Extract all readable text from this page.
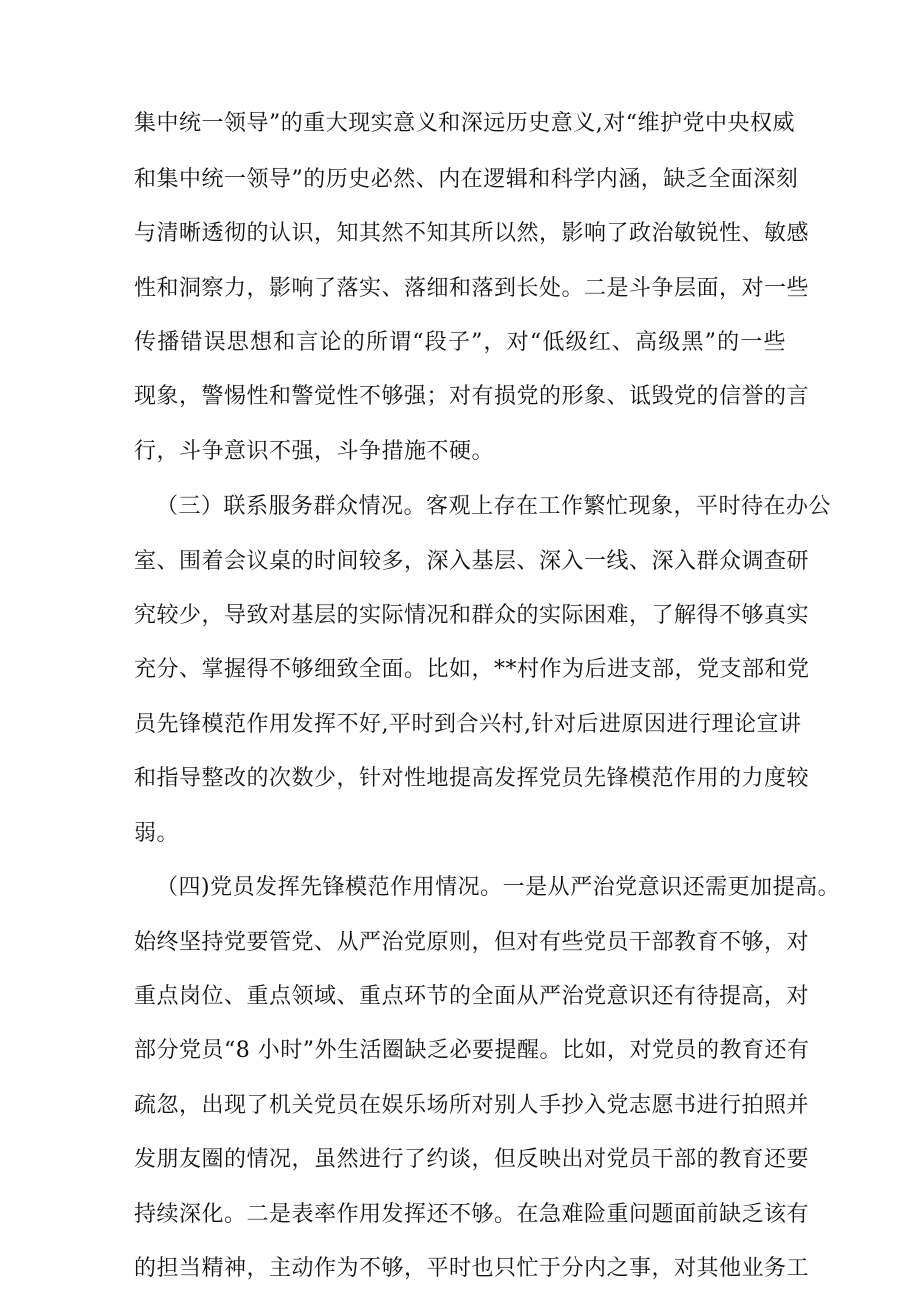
集中统一领导”的重大现实意义和深远历史意义,对“维护党中央权威
和集中统一领导”的历史必然、内在逻辑和科学内涵，缺乏全面深刻
与清晰透彻的认识，知其然不知其所以然，影响了政治敏锐性、敏感
性和洞察力，影响了落实、落细和落到长处。二是斗争层面，对一些
传播错误思想和言论的所谓“段子”，对“低级红、高级黑”的一些
现象，警惕性和警觉性不够强；对有损党的形象、诋毁党的信誉的言
行，斗争意识不强，斗争措施不硬。
（三）联系服务群众情况。客观上存在工作繁忙现象，平时待在办公
室、围着会议桌的时间较多，深入基层、深入一线、深入群众调查研
究较少，导致对基层的实际情况和群众的实际困难，了解得不够真实
充分、掌握得不够细致全面。比如，**村作为后进支部，党支部和党
员先锋模范作用发挥不好,平时到合兴村,针对后进原因进行理论宣讲
和指导整改的次数少，针对性地提高发挥党员先锋模范作用的力度较
弱。
（四)党员发挥先锋模范作用情况。一是从严治党意识还需更加提高。
始终坚持党要管党、从严治党原则，但对有些党员干部教育不够，对
重点岗位、重点领域、重点环节的全面从严治党意识还有待提高，对
部分党员“8 小时”外生活圈缺乏必要提醒。比如，对党员的教育还有
疏忽，出现了机关党员在娱乐场所对别人手抄入党志愿书进行拍照并
发朋友圈的情况，虽然进行了约谈，但反映出对党员干部的教育还要
持续深化。二是表率作用发挥还不够。在急难险重问题面前缺乏该有
的担当精神，主动作为不够，平时也只忙于分内之事，对其他业务工
